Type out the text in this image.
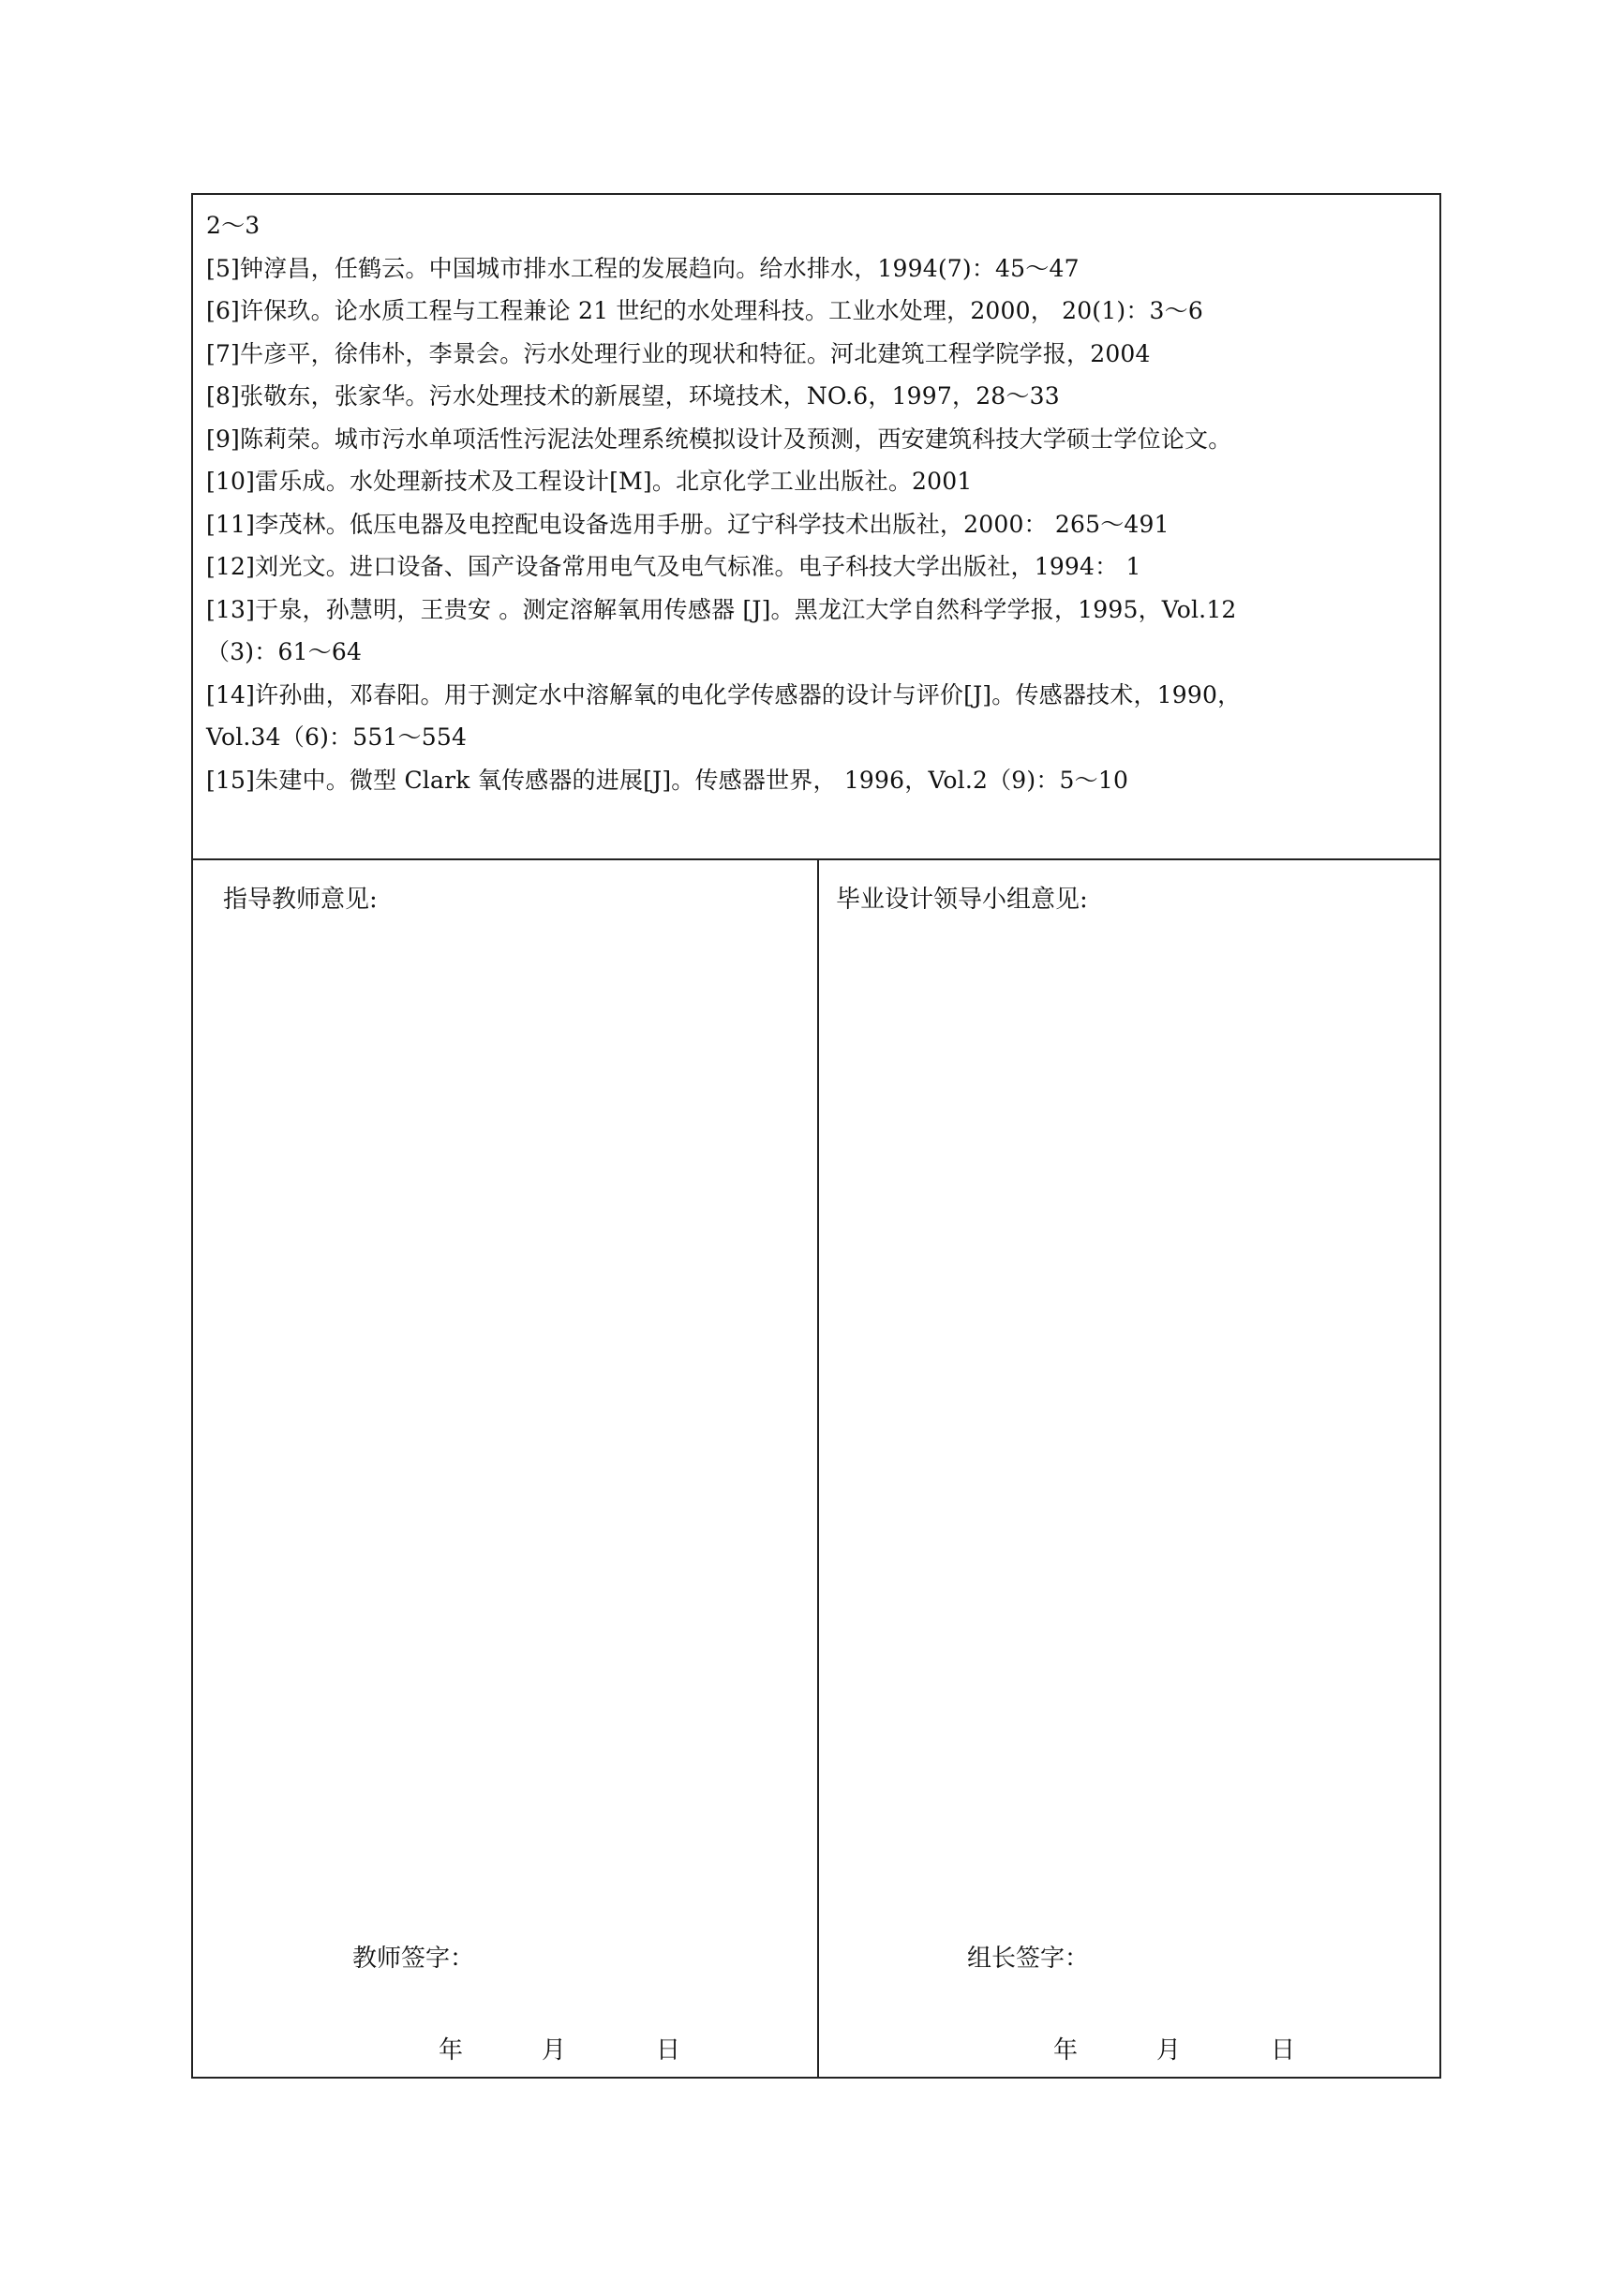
2～3
[5]钟淳昌，任鹤云。中国城市排水工程的发展趋向。给水排水，1994(7)：45～47
[6]许保玖。论水质工程与工程兼论 21 世纪的水处理科技。工业水处理，2000， 20(1)：3～6
[7]牛彦平，徐伟朴，李景会。污水处理行业的现状和特征。河北建筑工程学院学报，2004
[8]张敬东，张家华。污水处理技术的新展望，环境技术，NO.6，1997，28～33
[9]陈莉荣。城市污水单项活性污泥法处理系统模拟设计及预测，西安建筑科技大学硕士学位论文。
[10]雷乐成。水处理新技术及工程设计[M]。北京化学工业出版社。2001
[11]李茂林。低压电器及电控配电设备选用手册。辽宁科学技术出版社，2000： 265～491
[12]刘光文。进口设备、国产设备常用电气及电气标准。电子科技大学出版社，1994： 1
[13]于泉，孙慧明，王贵安 。测定溶解氧用传感器 [J]。黑龙江大学自然科学学报，1995，Vol.12
（3)：61～64
[14]许孙曲，邓春阳。用于测定水中溶解氧的电化学传感器的设计与评价[J]。传感器技术，1990，
Vol.34（6)：551～554
[15]朱建中。微型 Clark 氧传感器的进展[J]。传感器世界， 1996，Vol.2（9)：5～10
指导教师意见:
教师签字：
年	月	日
毕业设计领导小组意见:
组长签字：
年	月	日
